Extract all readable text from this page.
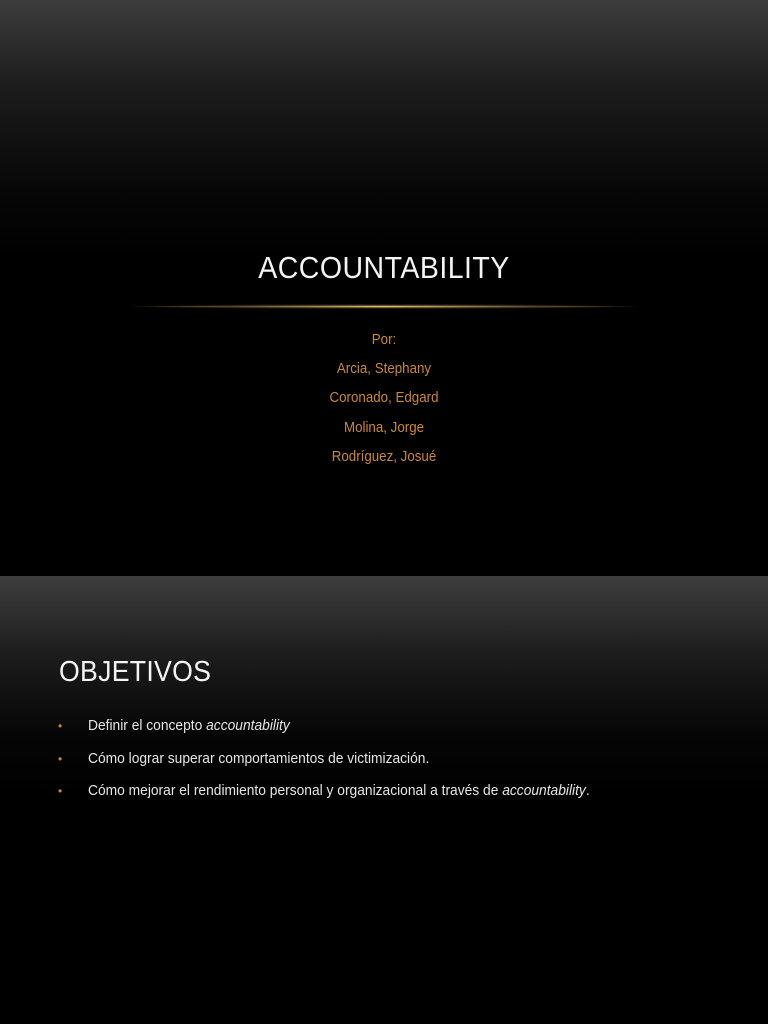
ACCOUNTABILITY
Por:
Arcia, Stephany
Coronado, Edgard
Molina, Jorge
Rodríguez, Josué
OBJETIVOS
• Definir el concepto accountability
• Cómo lograr superar comportamientos de victimización.
• Cómo mejorar el rendimiento personal y organizacional a través de accountability.
